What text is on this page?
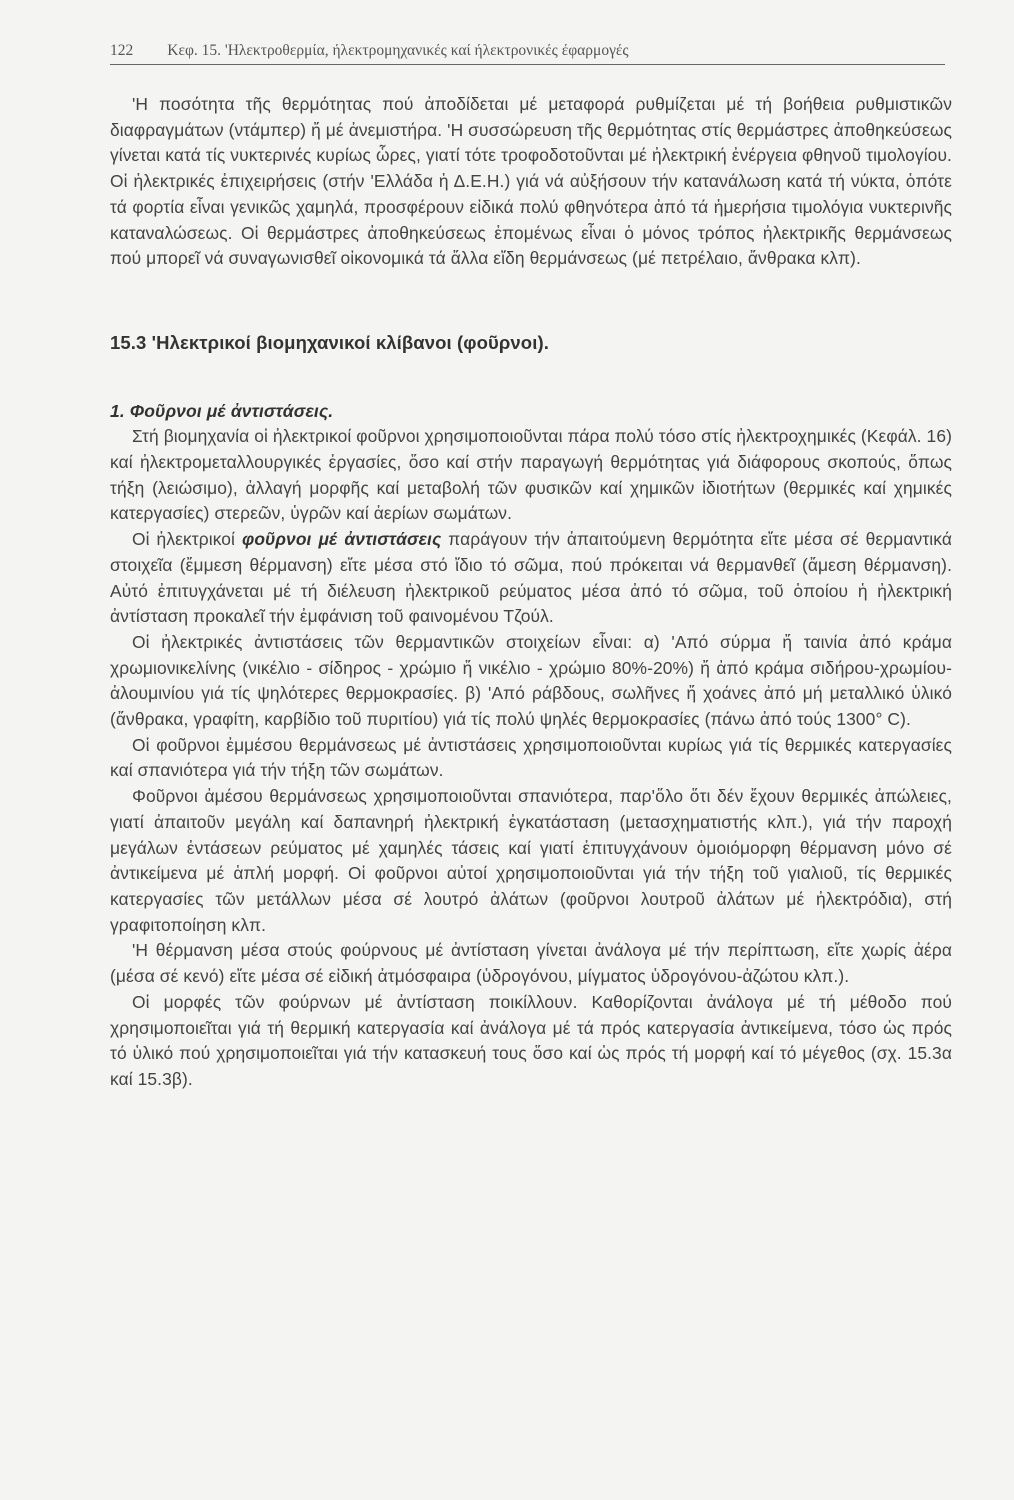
122 Κεφ. 15. 'Ηλεκτροθερμία, ήλεκτρομηχανικές καί ήλεκτρονικές έφαρμογές

'Η ποσότητα τῆς θερμότητας πού ἀποδίδεται μέ μεταφορά ρυθμίζεται μέ τή βοήθεια ρυθμιστικῶν διαφραγμάτων (ντάμπερ) ἤ μέ ἀνεμιστήρα. 'Η συσσώρευση τῆς θερμότητας στίς θερμάστρες ἀποθηκεύσεως γίνεται κατά τίς νυκτερινές κυρίως ὧρες, γιατί τότε τροφοδοτοῦνται μέ ἠλεκτρική ἐνέργεια φθηνοῦ τιμολογίου. Οἱ ἠλεκτρικές ἐπιχειρήσεις (στήν 'Ελλάδα ἡ Δ.Ε.Η.) γιά νά αὐξήσουν τήν κατανάλωση κατά τή νύκτα, ὁπότε τά φορτία εἶναι γενικῶς χαμηλά, προσφέρουν εἰδικά πολύ φθηνότερα ἀπό τά ἡμερήσια τιμολόγια νυκτερινῆς καταναλώσεως. Οἱ θερμάστρες ἀποθηκεύσεως ἑπομένως εἶναι ὁ μόνος τρόπος ἠλεκτρικῆς θερμάνσεως πού μπορεῖ νά συναγωνισθεῖ οἰκονομικά τά ἄλλα εἴδη θερμάνσεως (μέ πετρέλαιο, ἄνθρακα κλπ).

15.3 'Ηλεκτρικοί βιομηχανικοί κλίβανοι (φοῦρνοι).

1. Φοῦρνοι μέ ἀντιστάσεις.

Στή βιομηχανία οἱ ἠλεκτρικοί φοῦρνοι χρησιμοποιοῦνται πάρα πολύ τόσο στίς ἠλεκτροχημικές (Κεφάλ. 16) καί ἠλεκτρομεταλλουργικές ἐργασίες, ὅσο καί στήν παραγωγή θερμότητας γιά διάφορους σκοπούς, ὅπως τήξη (λειώσιμο), ἀλλαγή μορφῆς καί μεταβολή τῶν φυσικῶν καί χημικῶν ἰδιοτήτων (θερμικές καί χημικές κατεργασίες) στερεῶν, ὑγρῶν καί ἀερίων σωμάτων.

Οἱ ἠλεκτρικοί φοῦρνοι μέ ἀντιστάσεις παράγουν τήν ἀπαιτούμενη θερμότητα εἴτε μέσα σέ θερμαντικά στοιχεῖα (ἔμμεση θέρμανση) εἴτε μέσα στό ἴδιο τό σῶμα, πού πρόκειται νά θερμανθεῖ (ἄμεση θέρμανση). Αὐτό ἐπιτυγχάνεται μέ τή διέλευση ἠλεκτρικοῦ ρεύματος μέσα ἀπό τό σῶμα, τοῦ ὁποίου ἡ ἠλεκτρική ἀντίσταση προκαλεῖ τήν ἐμφάνιση τοῦ φαινομένου Τζούλ.

Οἱ ἠλεκτρικές ἀντιστάσεις τῶν θερμαντικῶν στοιχείων εἶναι: α) 'Από σύρμα ἤ ταινία ἀπό κράμα χρωμιονικελίνης (νικέλιο - σίδηρος - χρώμιο ἤ νικέλιο - χρώμιο 80%-20%) ἤ ἀπό κράμα σιδήρου-χρωμίου-ἀλουμινίου γιά τίς ψηλότερες θερμοκρασίες. β) 'Από ράβδους, σωλῆνες ἤ χοάνες ἀπό μή μεταλλικό ὑλικό (ἄνθρακα, γραφίτη, καρβίδιο τοῦ πυριτίου) γιά τίς πολύ ψηλές θερμοκρασίες (πάνω ἀπό τούς 1300° C).

Οἱ φοῦρνοι ἐμμέσου θερμάνσεως μέ ἀντιστάσεις χρησιμοποιοῦνται κυρίως γιά τίς θερμικές κατεργασίες καί σπανιότερα γιά τήν τήξη τῶν σωμάτων.

Φοῦρνοι ἀμέσου θερμάνσεως χρησιμοποιοῦνται σπανιότερα, παρ'ὅλο ὅτι δέν ἔχουν θερμικές ἀπώλειες, γιατί ἀπαιτοῦν μεγάλη καί δαπανηρή ἠλεκτρική ἐγκατάσταση (μετασχηματιστής κλπ.), γιά τήν παροχή μεγάλων ἐντάσεων ρεύματος μέ χαμηλές τάσεις καί γιατί ἐπιτυγχάνουν ὁμοιόμορφη θέρμανση μόνο σέ ἀντικείμενα μέ ἁπλή μορφή. Οἱ φοῦρνοι αὐτοί χρησιμοποιοῦνται γιά τήν τήξη τοῦ γιαλιοῦ, τίς θερμικές κατεργασίες τῶν μετάλλων μέσα σέ λουτρό ἀλάτων (φοῦρνοι λουτροῦ ἀλάτων μέ ἠλεκτρόδια), στή γραφιτοποίηση κλπ.

'Η θέρμανση μέσα στούς φούρνους μέ ἀντίσταση γίνεται ἀνάλογα μέ τήν περίπτωση, εἴτε χωρίς ἀέρα (μέσα σέ κενό) εἴτε μέσα σέ εἰδική ἀτμόσφαιρα (ὑδρογόνου, μίγματος ὑδρογόνου-ἀζώτου κλπ.).

Οἱ μορφές τῶν φούρνων μέ ἀντίσταση ποικίλλουν. Καθορίζονται ἀνάλογα μέ τή μέθοδο πού χρησιμοποιεῖται γιά τή θερμική κατεργασία καί ἀνάλογα μέ τά πρός κατεργασία ἀντικείμενα, τόσο ὡς πρός τό ὑλικό πού χρησιμοποιεῖται γιά τήν κατασκευή τους ὅσο καί ὡς πρός τή μορφή καί τό μέγεθος (σχ. 15.3α καί 15.3β).
